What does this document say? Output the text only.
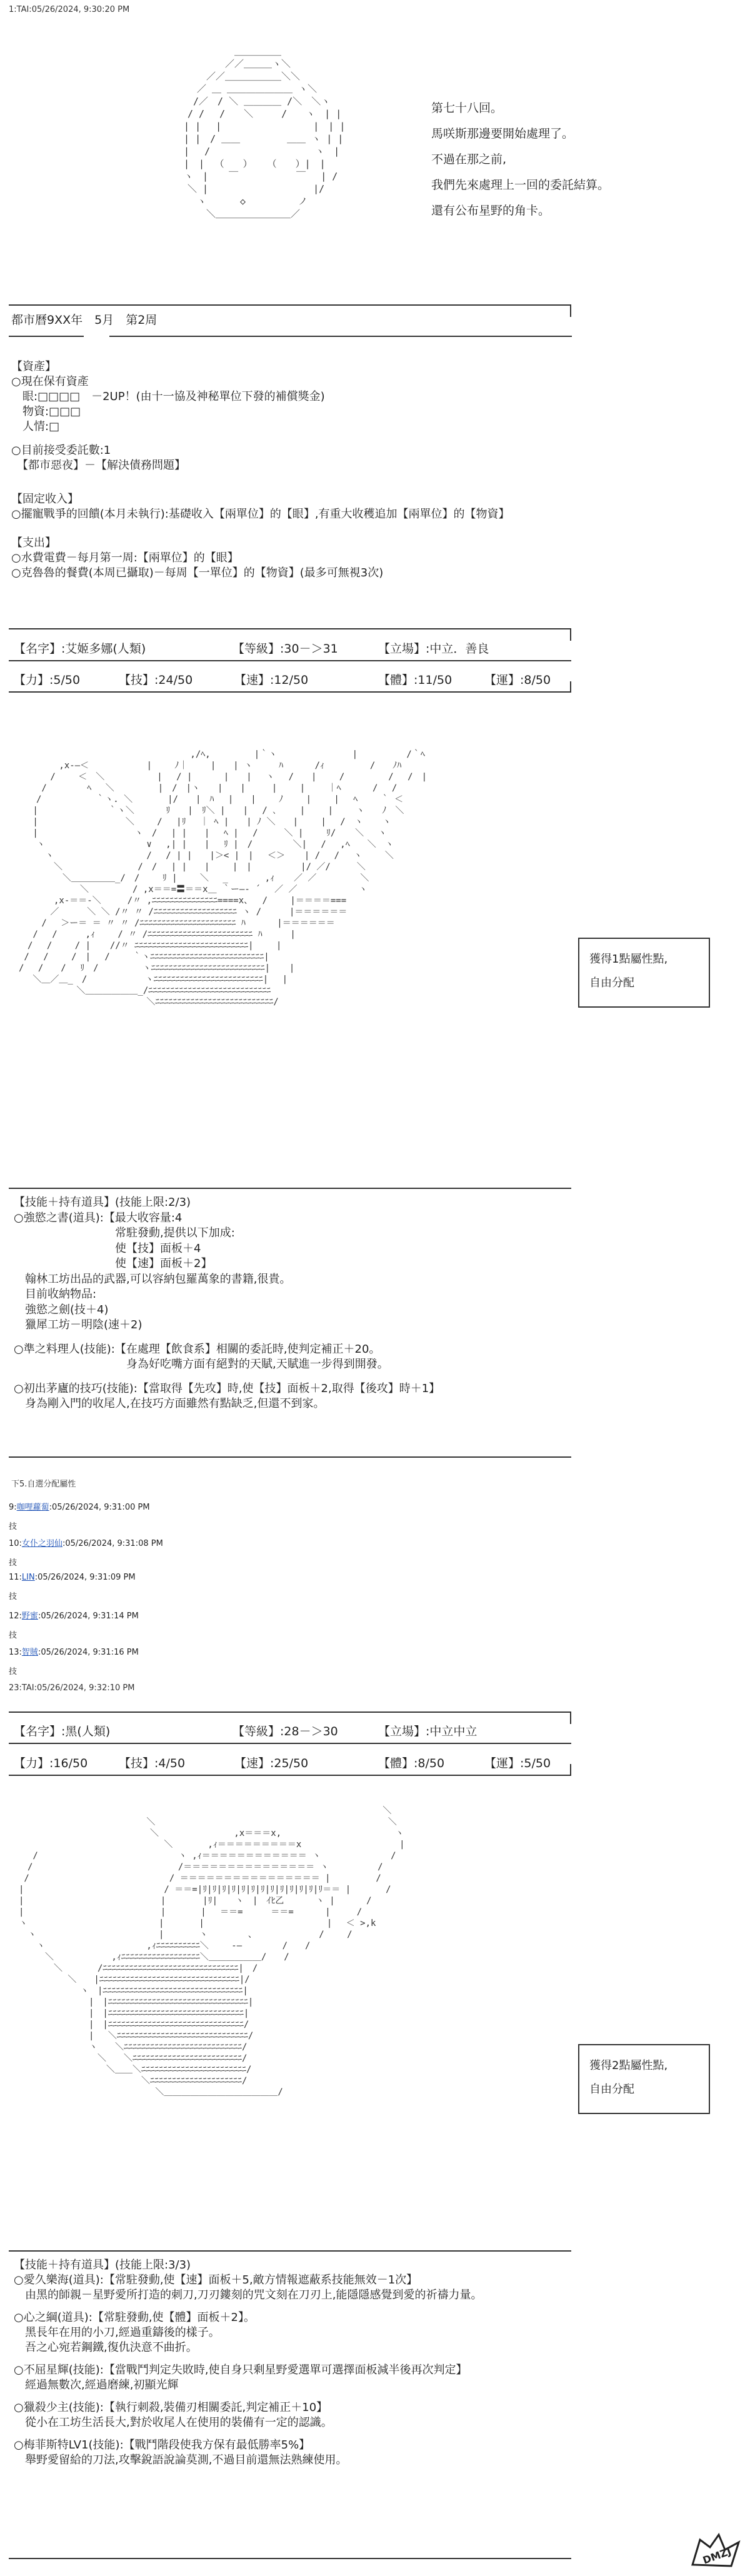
1:TAI:05/26/2024, 9:30:20 PM

　　　　　　　　　　＿＿＿＿＿
　　　　　　　　　／／＿＿＿ヽ＼
　　　　　　　／／＿＿＿＿＿＿＼＼
　　　　　　／ ＿ ＿＿＿＿＿＿＿ ヽ＼
　　　　　 /／　/ ＼ ＿＿＿＿ /＼　＼ヽ
　　　　　/ /　 /　　＼　　　/　　ヽ　| |
　　　　 | |　 |　　　　　 　 　　 |　| |
　　　　 | |　/ ＿＿　　　　　＿＿ ヽ | |
　　　　 |　 / 　　　　　　　　　　 ヽ　|
　　　　 |　| 　（　　）　 　（　　）|　|
　　　　 ヽ　| 　 ￣ 　　　　　 ￣　 | /
　　　　　＼ |　　　　　 　 　　　　|/
　　　　　　ヽ　　　 ◇　　　　　 ノ
　　　　　　　＼＿＿＿＿＿＿＿＿／

第七十八回。
馬咲斯那邊要開始處理了。
不過在那之前,
我們先來處理上一回的委託結算。
還有公布星野的角卡。
都市曆9XX年　5月　第2周
【資產】
○現在保有資產
　眼:□□□□　－2UP！(由十一協及神秘單位下發的補償獎金)
　物資:□□□
　人情:□
○目前接受委託數:1
　【都市惡夜】－【解決債務問題】
【固定收入】
○擺寵戰爭的回饋(本月未執行):基礎收入【兩單位】的【眼】,有重大收穫追加【兩單位】的【物資】
【支出】
○水費電費－每月第一周:【兩單位】的【眼】
○克魯魯的餐費(本周已攝取)－每周【一單位】的【物資】(最多可無視3次)
【名字】:艾姬多娜(人類)	【等級】:30－＞31	【立場】:中立．善良
【力】:5/50	【技】:24/50	【速】:12/50	【體】:11/50	【運】:8/50

　　　　　　　　　　　　　　　　　　　 ,/ﾍ,　　　　　|｀ヽ　　　　　　　　 |　　　　　 /｀ﾍ
　　　　 ,x-―＜　　　　　　 |　　 ﾉ｜　　 |　　| ヽ　　　ﾊ　　　 /ｨ 　　　　 /　　ﾉﾊ
　　　 /　　 ＜　＼　　　　　　|　 / |　　　 |　　|　 ヽ　 /　　|　　 /　　　　　/　 /　|
　　 / 　　　　ﾍ 　＼　　　　　|　/　|ヽ　　|　　|　　　|　　 |　　 ｜ﾍ　　　 /　 /
　　/ 　　　　　 ｀ヽ. ＼　　　　|/　　|　ﾊ　 |　　|　　 ﾉ 　　|　　 |　 ﾍ　　 ｀ ＜
　 |　　　　　　　　｀ヽ＼　　　 ﾘ　　|　ﾘ＼ |　　|　 / ､　　 |　　 |　　 ヽ　　ﾉ　＼
　 |　　　　　　　　　　＼　　 /　 |ﾘ　 ｜ ﾍ |　　| ﾉ ＼　　|　　 |　 /　ヽ 　 ヽ
　 |　　　　　　　　　　　ヽ　/　 | |　　|　 ﾍ |　 /　　　＼ |　　 ﾘ/ 　 ＼　 ヽ
　　ヽ　　　　　　　　　　　 ∨　 ,| |　　|　 ﾘ |　/　　　　 ＼|　 /　 ,ﾍ　　＼　ヽ
　　　ヽ　　　　　　　　　　 /　 / | |　　|＞< |　|　 ＜＞ 　 | /　 /　 ヽ　　 ＼
　　　　＼　　　　　　 　　/　/ 　| |　　|　　 |　|　　　　 　|/ ／/　　　＼
　　　　　＼＿＿＿＿＿_/　/　　 ﾘ |　　 ＼　 _ 　　　 ,ｨ 　 ／ ／　　　　　＼
　　　　　　　＼　　　　　/ ,x＝＝=〓＝＝x＿ ｀ー―‐ ´　 ／ ／　　　　　　　ヽ
　　　　,x‐＝＝-＼　　　/〃 ,ﾆﾆﾆﾆﾆﾆﾆﾆﾆﾆﾆﾆﾆﾆﾆ====x、　 /　　 |＝＝＝＝===
　　　 ／ 　　 ＼ ＼ /〃 〃 /ﾆﾆﾆﾆﾆﾆﾆﾆﾆﾆﾆﾆﾆﾆﾆﾆﾆﾆﾆ ヽ / 　 　|＝＝＝＝＝＝
　　 /　 ＞ー＝ ＝ 〃 〃 /ﾆﾆﾆﾆﾆﾆﾆﾆﾆﾆﾆﾆﾆﾆﾆﾆﾆﾆﾆﾆﾆﾆ ﾊ　 　　|＝＝＝＝＝＝
　 / 　/　 　 ,ｨ　 　/ 〃 /ﾆﾆﾆﾆﾆﾆﾆﾆﾆﾆﾆﾆﾆﾆﾆﾆﾆﾆﾆﾆﾆﾆﾆﾆ ﾊ 　 　|
　/　 /　　 / | 　 //〃 ﾆﾆﾆﾆﾆﾆﾆﾆﾆﾆﾆﾆﾆﾆﾆﾆﾆﾆﾆﾆﾆﾆﾆﾆﾆﾆ|　　 |
/　 /　　 /　|　 /　　 ｀ヽﾆﾆﾆﾆﾆﾆﾆﾆﾆﾆﾆﾆﾆﾆﾆﾆﾆﾆﾆﾆﾆﾆﾆﾆﾆﾆ|
/　 /　　/　 ﾘ　/　　　　　ヽﾆﾆﾆﾆﾆﾆﾆﾆﾆﾆﾆﾆﾆﾆﾆﾆﾆﾆﾆﾆﾆﾆﾆﾆﾆﾆ| 　 |
　 ＼＿／＿_　/　　　　　　 ヽﾆﾆﾆﾆﾆﾆﾆﾆﾆﾆﾆﾆﾆﾆﾆﾆﾆﾆﾆﾆﾆﾆﾆﾆﾆ|　 |
　　　　　　 ＼＿＿＿＿＿＿_/ﾆﾆﾆﾆﾆﾆﾆﾆﾆﾆﾆﾆﾆﾆﾆﾆﾆﾆﾆﾆﾆﾆﾆﾆﾆﾆﾆﾆ
　　　　　　　　　　　　　　 ＼ﾆﾆﾆﾆﾆﾆﾆﾆﾆﾆﾆﾆﾆﾆﾆﾆﾆﾆﾆﾆﾆﾆﾆﾆﾆﾆﾆ/

獲得1點屬性點,
自由分配
【技能＋持有道具】(技能上限:2/3)
○強慾之書(道具):【最大收容量:4
　　　　　　　　　常駐發動,提供以下加成:
　　　　　　　　　使【技】面板＋4
　　　　　　　　　使【速】面板＋2】
　翰林工坊出品的武器,可以容納包羅萬象的書籍,很貴。
　目前收納物品:
　強慾之劍(技＋4)
　獵犀工坊－明陰(速＋2)
○準之料理人(技能):【在處理【飲食系】相關的委託時,使判定補正＋20。
　　　　　　　　　　身為好吃嘴方面有絕對的天賦,天賦進一步得到開發。
○初出茅廬的技巧(技能):【當取得【先攻】時,使【技】面板＋2,取得【後攻】時＋1】
　身為剛入門的收尾人,在技巧方面雖然有點缺乏,但還不到家。
下5.自選分配屬性
9:咖哩蘿蔔:05/26/2024, 9:31:00 PM
技
10:女仆之羽仙:05/26/2024, 9:31:08 PM
技
11:LIN:05/26/2024, 9:31:09 PM
技
12:野蜜:05/26/2024, 9:31:14 PM
技
13:智賊:05/26/2024, 9:31:16 PM
技
23:TAI:05/26/2024, 9:32:10 PM
【名字】:黑(人類)	【等級】:28－＞30	【立場】:中立中立
【力】:16/50	【技】:4/50	【速】:25/50	【體】:8/50	【運】:5/50

　　　　　　　　　　　　　　　　　　　　　　　　　　　　　　　　　　　　　　　　　 ＼
　　　　　　　　　　　　　　 ＼　　　　　　　　　　　　　　　　　　　　　　　　　　 ＼
　　　　　　　　　　　　　　　＼　　　　　　　　 ,x＝＝＝x,　　　　　　　　　　　　　ヽ
　　　　　　　　　　　　　　　　 ＼　　　　,ｨ＝＝＝＝＝＝＝＝＝x 　　　　　　　　　　 |
　 /　　　　　　　　　　　　　　　　ヽ ,ｨ＝＝＝＝＝＝＝＝＝＝＝＝ ヽ　　　　　　　　/
　/　　　　　　　　　　　　　　　　 /＝＝＝＝＝＝＝＝＝＝＝＝＝＝＝ ヽ　　　　　 /
/　　　　　　　　　　　　　　　　/ ＝＝＝＝＝＝＝＝＝＝＝＝＝＝＝＝ |　　　 　 /
|　　　　　　　　　　　　　　　　/ ＝＝=|ﾘ|ﾘ|ﾘ|ﾘ|ﾘ|ﾘ|ﾘ|ﾘ|ﾘ|ﾘ|ﾘ|ﾘ|ﾘ＝＝ |　　　　/
|　　　　　　　　　　　　　　　 | 　　　 |ﾘ|　　ヽ　|　ｲﾋ乙　　　 ヽ | 　　　/
|　　　　　　　　　　　　　　　 |　　　　|　 ＝＝=　 　 ＝＝=　　　 |　　　/
ヽ　　　　　　　　　　　　　　　|　　　　|　　　　　　　　　　　　　　|　 ＜ >,k
　ヽ　　　　　　　　　　　　　　|　　　　ヽ　　　　 、　　　　　　　 /　　 /
　　ヽ　　　　　　　　　　　 ,ｨﾆﾆﾆﾆﾆﾆﾆﾆﾆﾆ＼　　 ‐―　　　　 /　　/
　　　＼　　　　　　 ,ｨﾆﾆﾆﾆﾆﾆﾆﾆﾆﾆﾆﾆﾆﾆﾆﾆﾆﾆ＼＿＿＿＿＿＿/　　/
　　　　＼　　　　/ﾆﾆﾆﾆﾆﾆﾆﾆﾆﾆﾆﾆﾆﾆﾆﾆﾆﾆﾆﾆﾆﾆﾆﾆﾆﾆﾆﾆﾆﾆﾆ|　/
　　　　　 ＼　　|ﾆﾆﾆﾆﾆﾆﾆﾆﾆﾆﾆﾆﾆﾆﾆﾆﾆﾆﾆﾆﾆﾆﾆﾆﾆﾆﾆﾆﾆﾆﾆﾆ|/
　　　　　　　ヽ　|ﾆﾆﾆﾆﾆﾆﾆﾆﾆﾆﾆﾆﾆﾆﾆﾆﾆﾆﾆﾆﾆﾆﾆﾆﾆﾆﾆﾆﾆﾆﾆﾆ|
　　　　　　　　|　|ﾆﾆﾆﾆﾆﾆﾆﾆﾆﾆﾆﾆﾆﾆﾆﾆﾆﾆﾆﾆﾆﾆﾆﾆﾆﾆﾆﾆﾆﾆﾆﾆ|
　　　　　　　　|　|ﾆﾆﾆﾆﾆﾆﾆﾆﾆﾆﾆﾆﾆﾆﾆﾆﾆﾆﾆﾆﾆﾆﾆﾆﾆﾆﾆﾆﾆﾆﾆ|
　　　　　　　　|　|ﾆﾆﾆﾆﾆﾆﾆﾆﾆﾆﾆﾆﾆﾆﾆﾆﾆﾆﾆﾆﾆﾆﾆﾆﾆﾆﾆﾆﾆﾆﾆ/
　　　　　　　　|　 ＼ﾆﾆﾆﾆﾆﾆﾆﾆﾆﾆﾆﾆﾆﾆﾆﾆﾆﾆﾆﾆﾆﾆﾆﾆﾆﾆﾆﾆﾆﾆ/
　　　　　　　　ヽ　　＼ﾆﾆﾆﾆﾆﾆﾆﾆﾆﾆﾆﾆﾆﾆﾆﾆﾆﾆﾆﾆﾆﾆﾆﾆﾆﾆﾆ/
　　　　　　　　　＼　　＼ﾆﾆﾆﾆﾆﾆﾆﾆﾆﾆﾆﾆﾆﾆﾆﾆﾆﾆﾆﾆﾆﾆﾆﾆﾆ/
　　　　　　　　　　＼＿＿＼ﾆﾆﾆﾆﾆﾆﾆﾆﾆﾆﾆﾆﾆﾆﾆﾆﾆﾆﾆﾆﾆﾆﾆﾆ/
　　　　　　　　　　　　　　＼ﾆﾆﾆﾆﾆﾆﾆﾆﾆﾆﾆﾆﾆﾆﾆﾆﾆﾆﾆﾆﾆ/
　　　　　　　　　　　　　　　 ＼＿＿＿＿＿＿＿＿＿＿＿＿＿/

獲得2點屬性點,
自由分配
【技能＋持有道具】(技能上限:3/3)
○愛久樂海(道具):【常駐發動,使【速】面板＋5,敵方情報遮蔽系技能無效－1次】
　由黑的師親－星野愛所打造的刺刀,刀刃鏤刻的咒文刻在刀刃上,能隱隱感覺到愛的祈禱力量。
○心之綱(道具):【常駐發動,使【體】面板＋2】。
　黑長年在用的小刀,經過重鑄後的樣子。
　吾之心宛若鋼鐵,復仇決意不曲折。
○不屈星輝(技能):【當戰鬥判定失敗時,使自身只剩星野愛選單可選擇面板減半後再次判定】
　經過無數次,經過磨練,初顯光輝
○獵殺少主(技能):【執行刺殺,裝備刃相關委託,判定補正＋10】
　從小在工坊生活長大,對於收尾人在使用的裝備有一定的認識。
○梅菲斯特LV1(技能):【戰鬥階段使我方保有最低勝率5%】
　舉野愛留給的刀法,攻擊銳語說論莫測,不過目前還無法熟練使用。
DMZJ
